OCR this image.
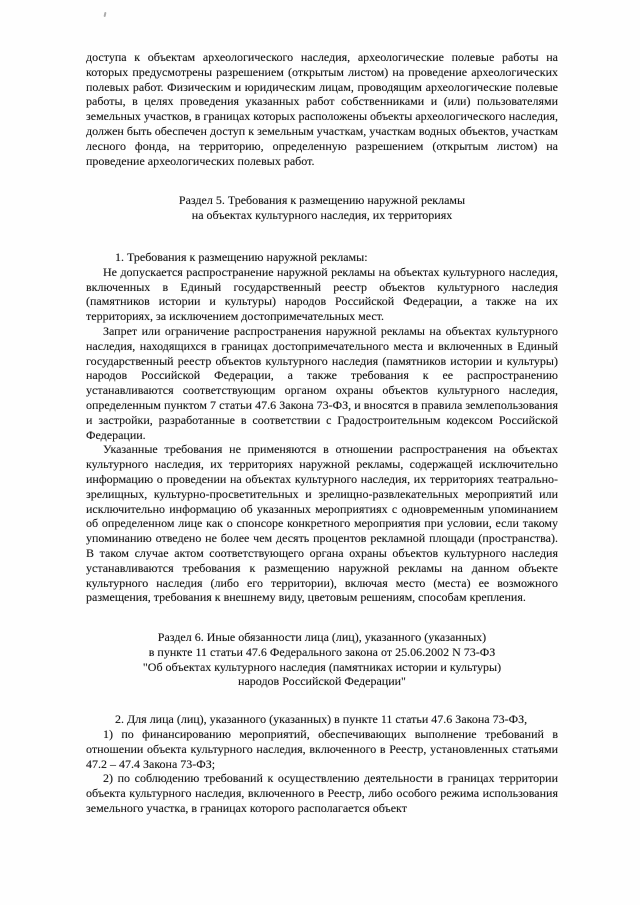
доступа к объектам археологического наследия, археологические полевые работы на которых предусмотрены разрешением (открытым листом) на проведение археологических полевых работ. Физическим и юридическим лицам, проводящим археологические полевые работы, в целях проведения указанных работ собственниками и (или) пользователями земельных участков, в границах которых расположены объекты археологического наследия, должен быть обеспечен доступ к земельным участкам, участкам водных объектов, участкам лесного фонда, на территорию, определенную разрешением (открытым листом) на проведение археологических полевых работ.

Раздел 5. Требования к размещению наружной рекламы
на объектах культурного наследия, их территориях

1. Требования к размещению наружной рекламы:

Не допускается распространение наружной рекламы на объектах культурного наследия, включенных в Единый государственный реестр объектов культурного наследия (памятников истории и культуры) народов Российской Федерации, а также на их территориях, за исключением достопримечательных мест.

Запрет или ограничение распространения наружной рекламы на объектах культурного наследия, находящихся в границах достопримечательного места и включенных в Единый государственный реестр объектов культурного наследия (памятников истории и культуры) народов Российской Федерации, а также требования к ее распространению устанавливаются соответствующим органом охраны объектов культурного наследия, определенным пунктом 7 статьи 47.6 Закона 73-ФЗ, и вносятся в правила землепользования и застройки, разработанные в соответствии с Градостроительным кодексом Российской Федерации.

Указанные требования не применяются в отношении распространения на объектах культурного наследия, их территориях наружной рекламы, содержащей исключительно информацию о проведении на объектах культурного наследия, их территориях театрально-зрелищных, культурно-просветительных и зрелищно-развлекательных мероприятий или исключительно информацию об указанных мероприятиях с одновременным упоминанием об определенном лице как о спонсоре конкретного мероприятия при условии, если такому упоминанию отведено не более чем десять процентов рекламной площади (пространства). В таком случае актом соответствующего органа охраны объектов культурного наследия устанавливаются требования к размещению наружной рекламы на данном объекте культурного наследия (либо его территории), включая место (места) ее возможного размещения, требования к внешнему виду, цветовым решениям, способам крепления.

Раздел 6. Иные обязанности лица (лиц), указанного (указанных)
в пункте 11 статьи 47.6 Федерального закона от 25.06.2002 N 73-ФЗ
"Об объектах культурного наследия (памятниках истории и культуры)
народов Российской Федерации"

2. Для лица (лиц), указанного (указанных) в пункте 11 статьи 47.6 Закона 73-ФЗ,

1) по финансированию мероприятий, обеспечивающих выполнение требований в отношении объекта культурного наследия, включенного в Реестр, установленных статьями 47.2 – 47.4 Закона 73-ФЗ;

2) по соблюдению требований к осуществлению деятельности в границах территории объекта культурного наследия, включенного в Реестр, либо особого режима использования земельного участка, в границах которого располагается объект
